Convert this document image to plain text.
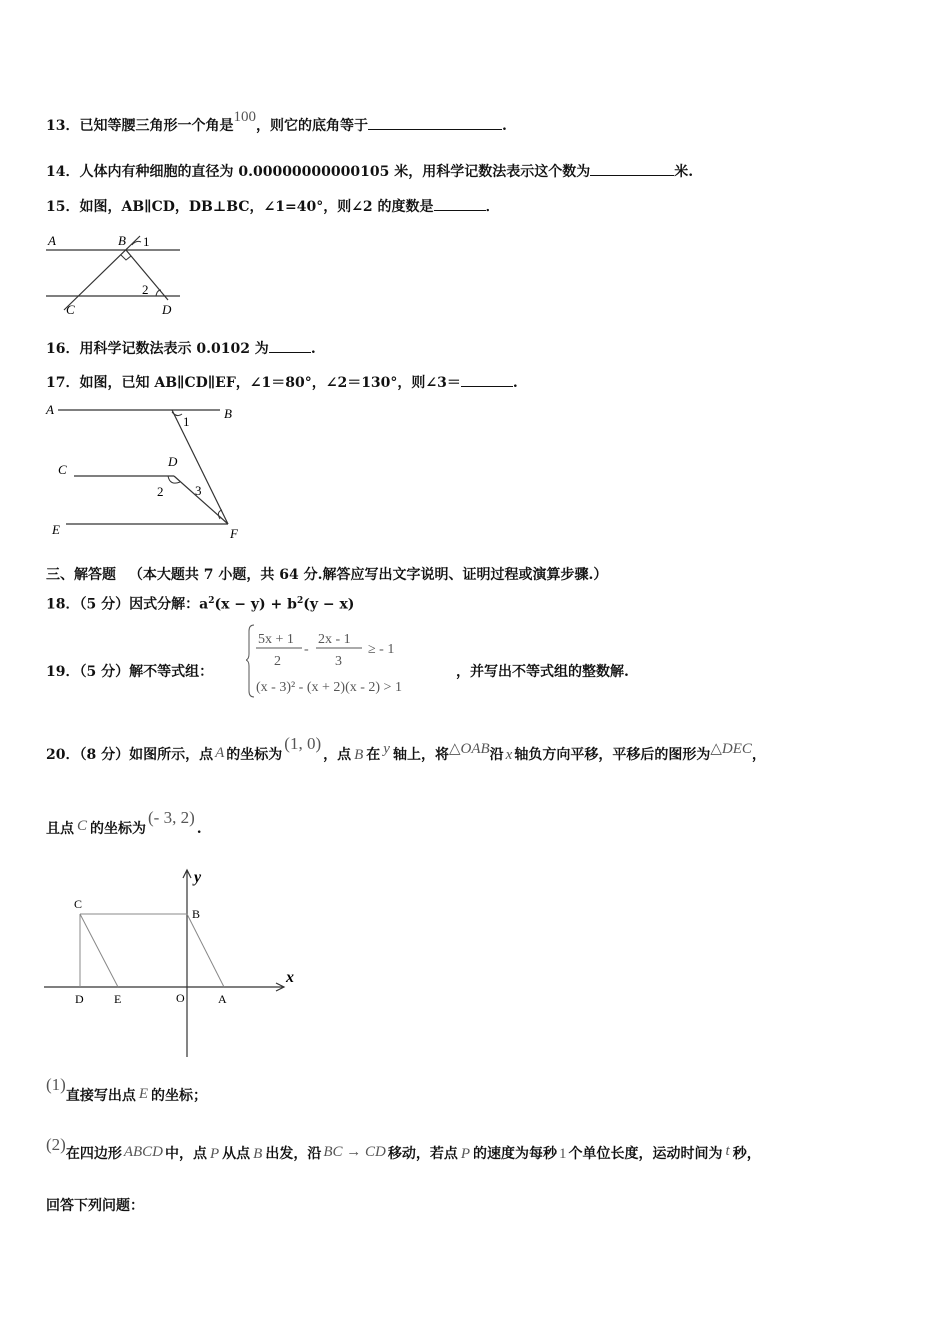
13．已知等腰三角形一个角是100，则它的底角等于	.
14．人体内有种细胞的直径为 0.00000000000105 米，用科学记数法表示这个数为	米.
15．如图，AB∥CD，DB⊥BC，∠1=40°，则∠2 的度数是	．
A	B 1
2
C	D
16．用科学记数法表示 0.0102 为	.
17．如图，已知 AB∥CD∥EF，∠1＝80°，∠2＝130°，则∠3＝	.
A	B
1
C
D
2 3
E	F
三、解答题 （本大题共 7 小题，共 64 分.解答应写出文字说明、证明过程或演算步骤.）
18．（5 分）因式分解：$a^2(x - y) + b^2(y - x)$
19．（5 分）解不等式组：
5x + 1
2
-
2x - 1
3
≥ - 1
(x - 3)² - (x + 2)(x - 2) > 1
，并写出不等式组的整数解.
20．（8 分）如图所示，点 A 的坐标为(1, 0)，点 B 在 y 轴上，将△OAB沿 x 轴负方向平移，平移后的图形为△DEC，
且点 C 的坐标为(- 3, 2).
y
x
C
B
D	E	O	A
(1)直接写出点 E 的坐标；
(2)在四边形 ABCD 中，点 P 从点 B 出发，沿 BC → CD 移动，若点 P 的速度为每秒 1 个单位长度，运动时间为 t 秒，
回答下列问题：
